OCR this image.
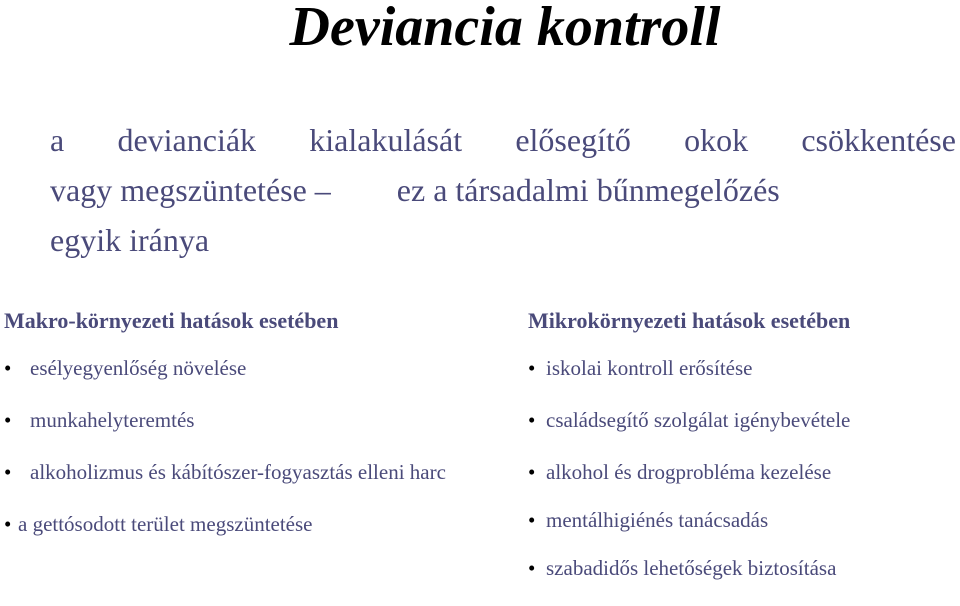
Deviancia kontroll
a devianciák kialakulását elősegítő okok csökkentése
vagy megszüntetése – ez a társadalmi bűnmegelőzés
egyik iránya
Makro-környezeti hatások esetében
• esélyegyenlőség növelése
• munkahelyteremtés
• alkoholizmus és kábítószer-fogyasztás elleni harc
• a gettósodott terület megszüntetése
Mikrokörnyezeti hatások esetében
• iskolai kontroll erősítése
• családsegítő szolgálat igénybevétele
• alkohol és drogprobléma kezelése
• mentálhigiénés tanácsadás
• szabadidős lehetőségek biztosítása
